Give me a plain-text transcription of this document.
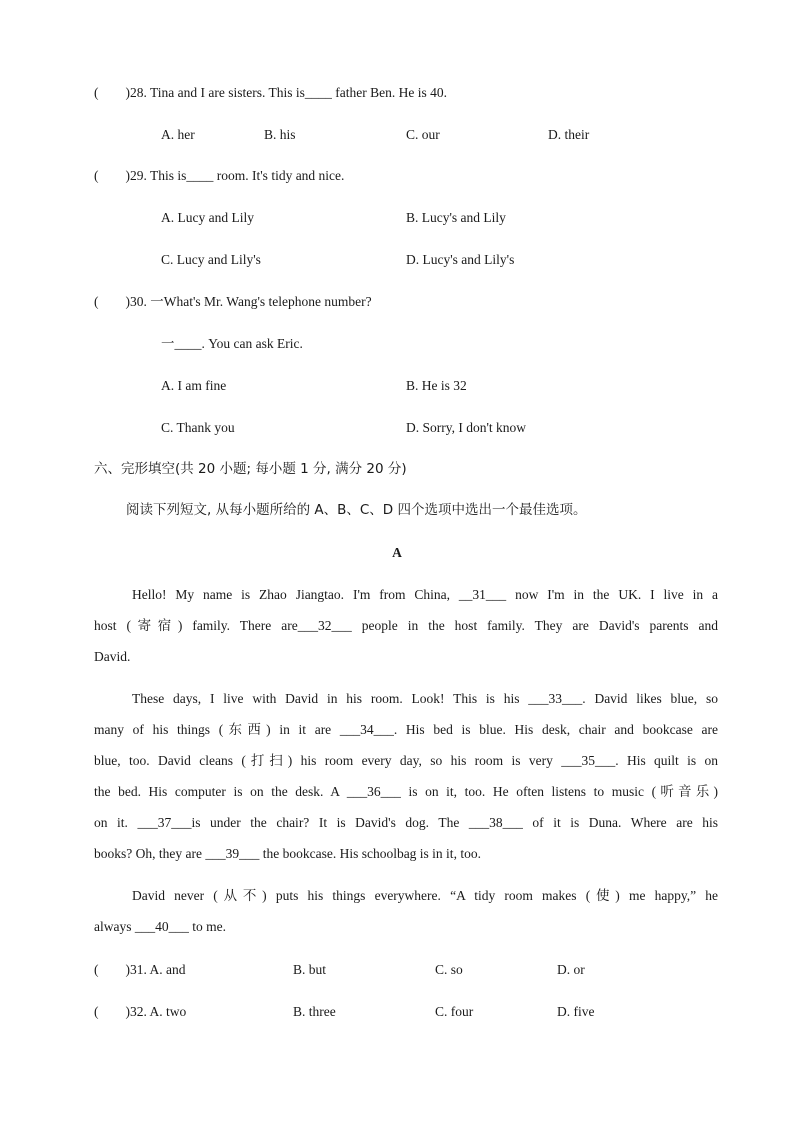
(　　)28. Tina and I are sisters. This is____ father Ben. He is 40.
A. her	B. his	C. our	D. their
(　　)29. This is____ room. It's tidy and nice.
A. Lucy and Lily	B. Lucy's and Lily
C. Lucy and Lily's	D. Lucy's and Lily's
(　　)30. 一What's Mr. Wang's telephone number?
一____. You can ask Eric.
A. I am fine	B. He is 32
C. Thank you	D. Sorry, I don't know
六、完形填空(共 20 小题; 每小题 1 分, 满分 20 分)
阅读下列短文, 从每小题所给的 A、B、C、D 四个选项中选出一个最佳选项。
A
Hello! My name is Zhao Jiangtao. I'm from China, __31___ now I'm in the UK. I live in a
host (寄宿) family. There are___32___ people in the host family. They are David's parents and
David.
These days, I live with David in his room. Look! This is his ___33___. David likes blue, so
many of his things (东西) in it are ___34___. His bed is blue. His desk, chair and bookcase are
blue, too. David cleans (打扫) his room every day, so his room is very ___35___. His quilt is on
the bed. His computer is on the desk. A ___36___ is on it, too. He often listens to music (听音乐)
on it. ___37___is under the chair? It is David's dog. The ___38___ of it is Duna. Where are his
books? Oh, they are ___39___ the bookcase. His schoolbag is in it, too.
David never (从不) puts his things everywhere. “A tidy room makes (使) me happy,” he
always ___40___ to me.
(　　)31. A. and	B. but	C. so	D. or
(　　)32. A. two	B. three	C. four	D. five
